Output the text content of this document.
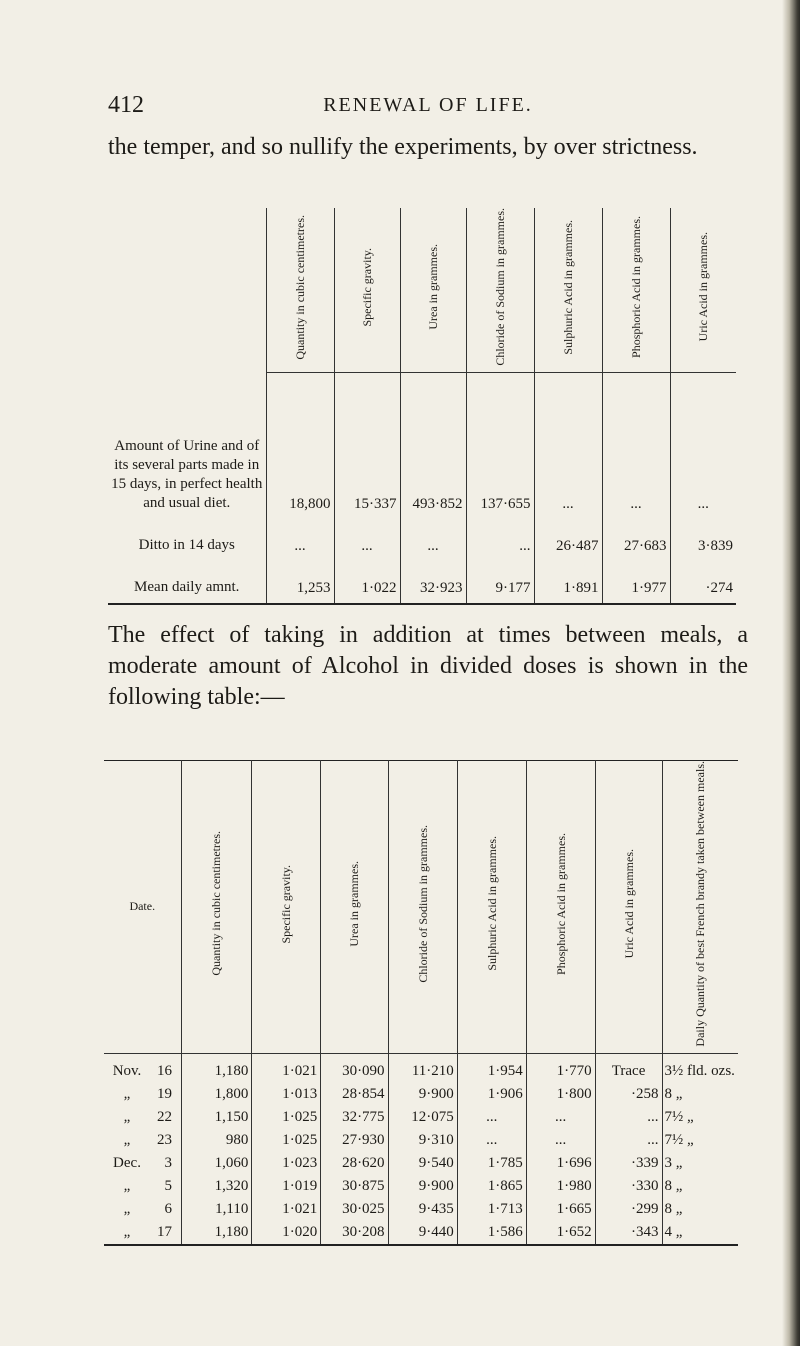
412	RENEWAL OF LIFE.

the temper, and so nullify the experiments, by over strictness.

	Quantity in cubic centimetres.	Specific gravity.	Urea in grammes.	Chloride of Sodium in grammes.	Sulphuric Acid in grammes.	Phosphoric Acid in grammes.	Uric Acid in grammes.

Amount of Urine and of its several parts made in 15 days, in perfect health and usual diet.	18,800	15·337	493·852	137·655	...	...	...
Ditto in 14 days	...	...	...	...	26·487	27·683	3·839
Mean daily amnt.	1,253	1·022	32·923	9·177	1·891	1·977	·274

The effect of taking in addition at times between meals, a moderate amount of Alcohol in divided doses is shown in the following table:—

Date.	Quantity in cubic centimetres.	Specific gravity.	Urea in grammes.	Chloride of Sodium in grammes.	Sulphuric Acid in grammes.	Phosphoric Acid in grammes.	Uric Acid in grammes.	Daily Quantity of best French brandy taken between meals.

Nov. 16	1,180	1·021	30·090	11·210	1·954	1·770	Trace	3½ fld. ozs.
„ 19	1,800	1·013	28·854	9·900	1·906	1·800	·258	8 „
„ 22	1,150	1·025	32·775	12·075	...	...	...	7½ „
„ 23	980	1·025	27·930	9·310	...	...	...	7½ „
Dec. 3	1,060	1·023	28·620	9·540	1·785	1·696	·339	3 „
„ 5	1,320	1·019	30·875	9·900	1·865	1·980	·330	8 „
„ 6	1,110	1·021	30·025	9·435	1·713	1·665	·299	8 „
„ 17	1,180	1·020	30·208	9·440	1·586	1·652	·343	4 „
